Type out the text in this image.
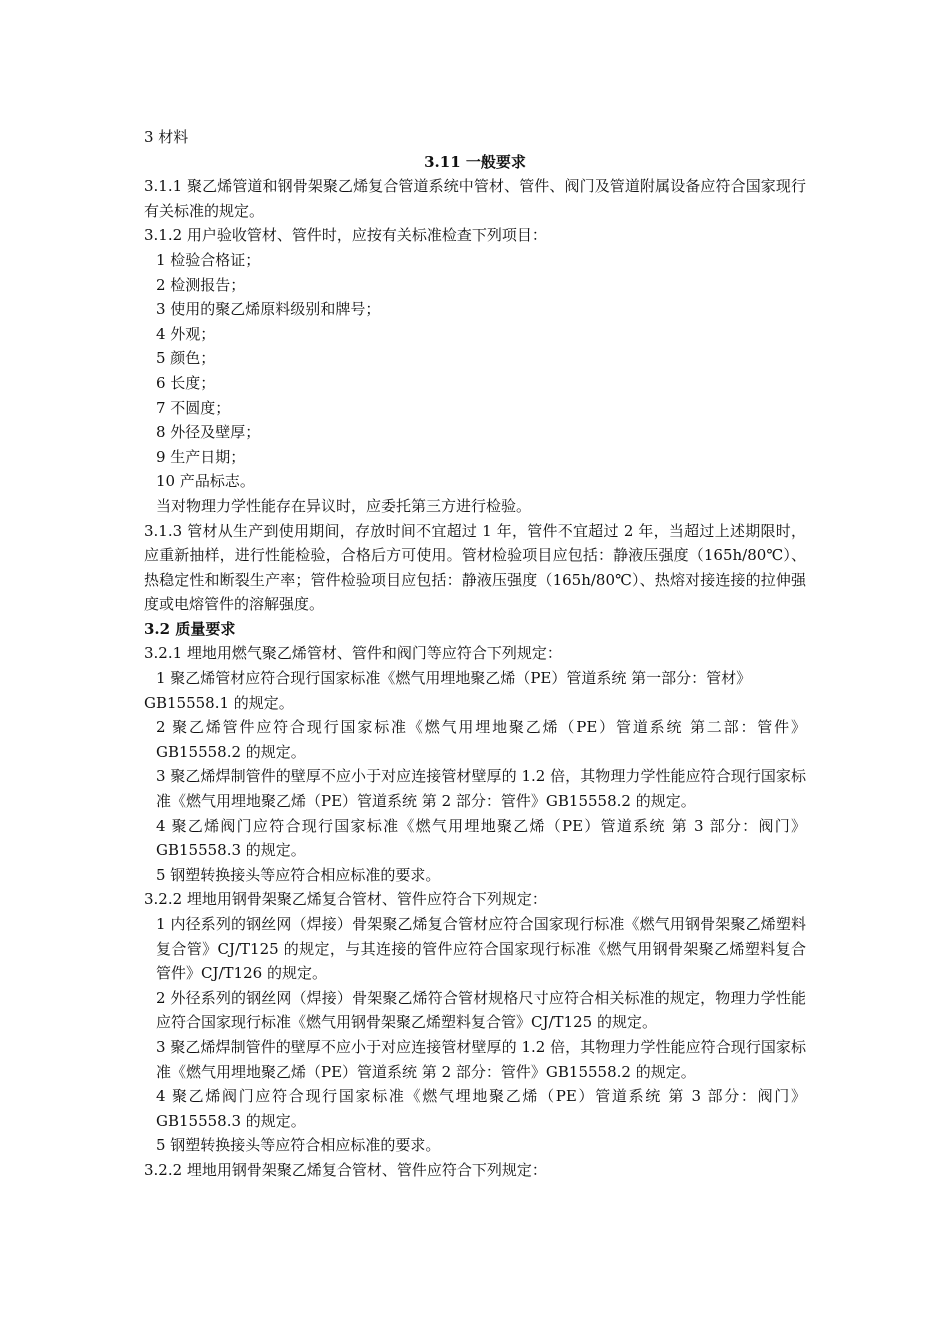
3 材料

3.11 一般要求

3.1.1 聚乙烯管道和钢骨架聚乙烯复合管道系统中管材、管件、阀门及管道附属设备应符合国家现行有关标准的规定。

3.1.2 用户验收管材、管件时，应按有关标准检查下列项目：

1 检验合格证；

2 检测报告；

3 使用的聚乙烯原料级别和牌号；

4 外观；

5 颜色；

6 长度；

7 不圆度；

8 外径及壁厚；

9 生产日期；

10 产品标志。

当对物理力学性能存在异议时，应委托第三方进行检验。

3.1.3 管材从生产到使用期间，存放时间不宜超过 1 年，管件不宜超过 2 年，当超过上述期限时，应重新抽样，进行性能检验，合格后方可使用。管材检验项目应包括：静液压强度（165h/80℃）、热稳定性和断裂生产率；管件检验项目应包括：静液压强度（165h/80℃）、热熔对接连接的拉伸强度或电熔管件的溶解强度。

3.2 质量要求

3.2.1 埋地用燃气聚乙烯管材、管件和阀门等应符合下列规定：

1 聚乙烯管材应符合现行国家标准《燃气用埋地聚乙烯（PE）管道系统 第一部分：管材》

GB15558.1 的规定。

2 聚乙烯管件应符合现行国家标准《燃气用埋地聚乙烯（PE）管道系统 第二部：管件》GB15558.2 的规定。

3 聚乙烯焊制管件的壁厚不应小于对应连接管材壁厚的 1.2 倍，其物理力学性能应符合现行国家标准《燃气用埋地聚乙烯（PE）管道系统 第 2 部分：管件》GB15558.2 的规定。

4 聚乙烯阀门应符合现行国家标准《燃气用埋地聚乙烯（PE）管道系统 第 3 部分：阀门》GB15558.3 的规定。

5 钢塑转换接头等应符合相应标准的要求。

3.2.2 埋地用钢骨架聚乙烯复合管材、管件应符合下列规定：

1 内径系列的钢丝网（焊接）骨架聚乙烯复合管材应符合国家现行标准《燃气用钢骨架聚乙烯塑料复合管》CJ/T125 的规定，与其连接的管件应符合国家现行标准《燃气用钢骨架聚乙烯塑料复合管件》CJ/T126 的规定。

2 外径系列的钢丝网（焊接）骨架聚乙烯符合管材规格尺寸应符合相关标准的规定，物理力学性能应符合国家现行标准《燃气用钢骨架聚乙烯塑料复合管》CJ/T125 的规定。

3 聚乙烯焊制管件的壁厚不应小于对应连接管材壁厚的 1.2 倍，其物理力学性能应符合现行国家标准《燃气用埋地聚乙烯（PE）管道系统 第 2 部分：管件》GB15558.2 的规定。

4 聚乙烯阀门应符合现行国家标准《燃气埋地聚乙烯（PE）管道系统 第 3 部分：阀门》GB15558.3 的规定。

5 钢塑转换接头等应符合相应标准的要求。

3.2.2 埋地用钢骨架聚乙烯复合管材、管件应符合下列规定：
